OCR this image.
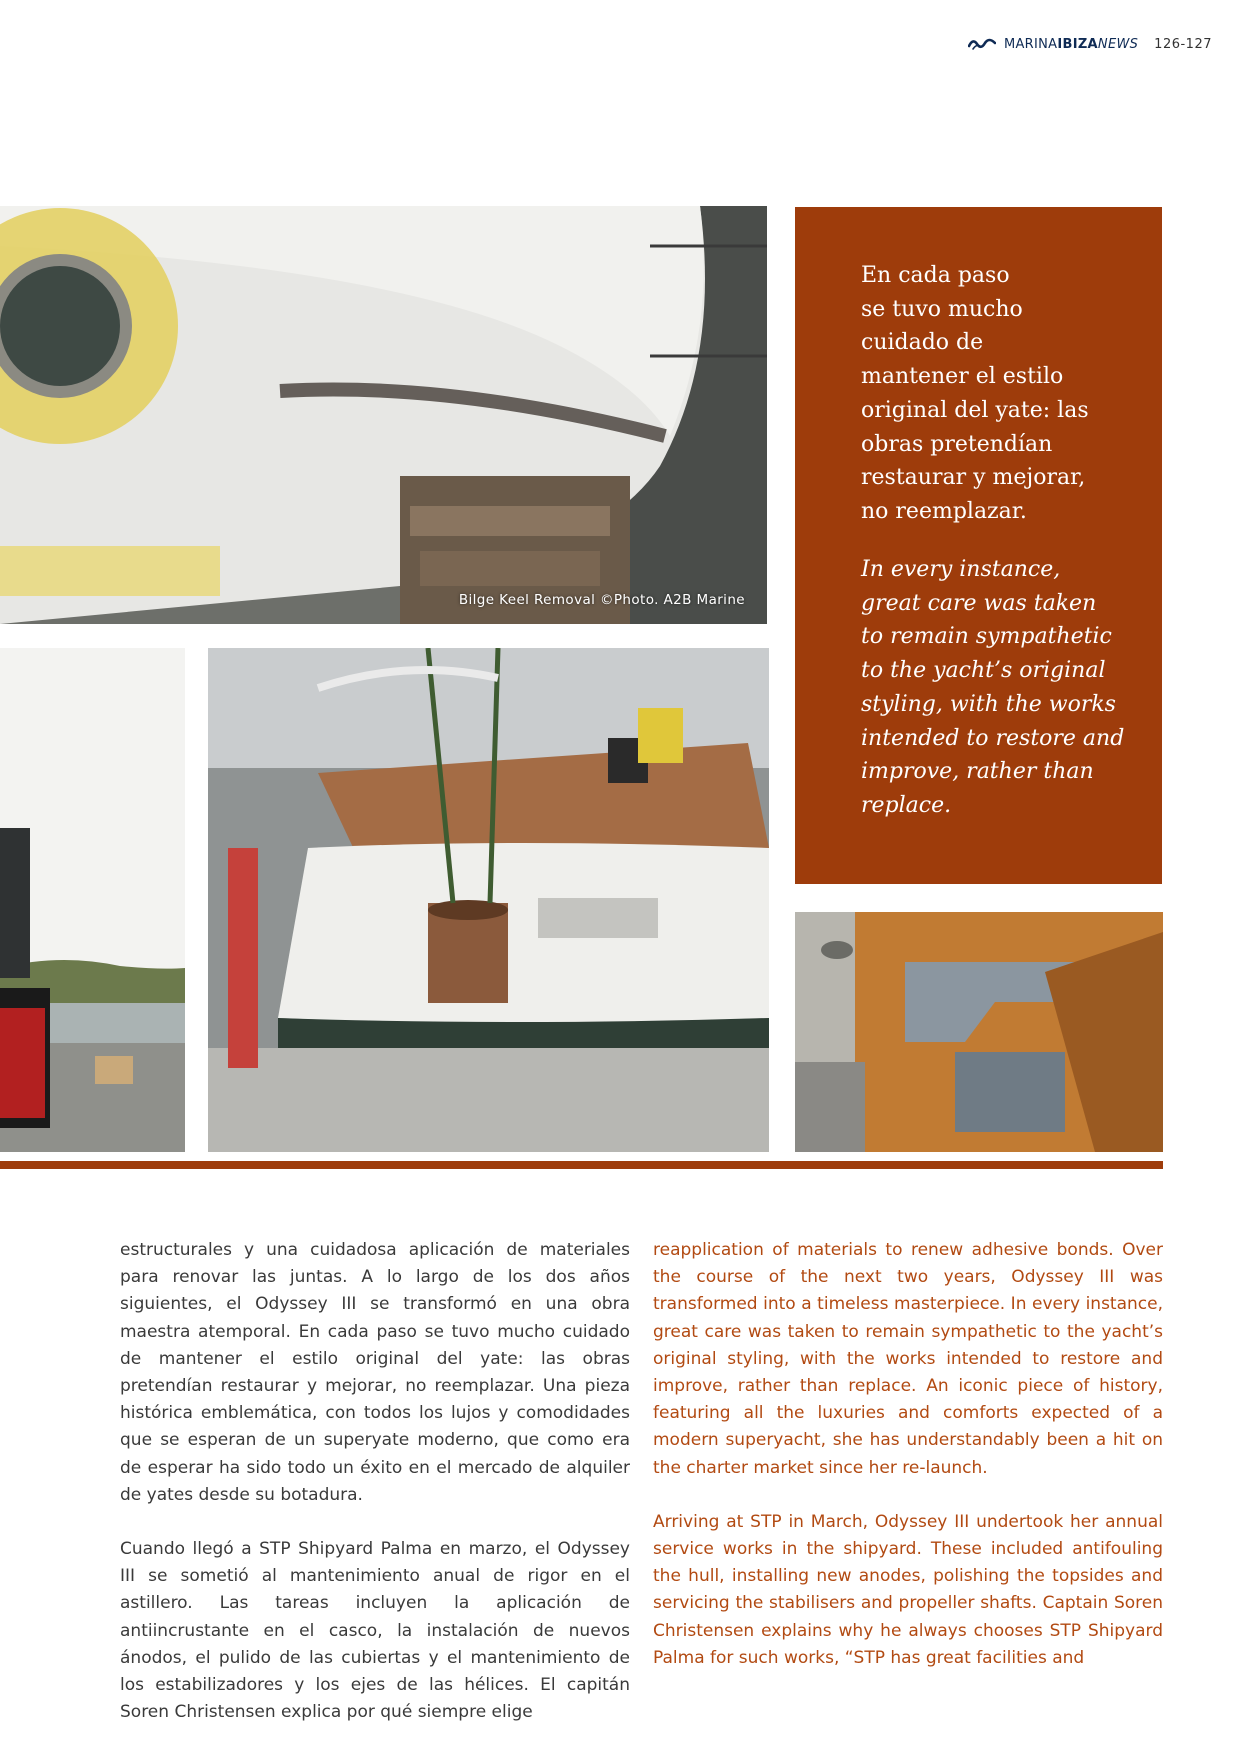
MARINAIBIZANEWS 126-127
Bilge Keel Removal ©Photo. A2B Marine

En cada paso
se tuvo mucho
cuidado de
mantener el estilo
original del yate: las
obras pretendían
restaurar y mejorar,
no reemplazar.

In every instance,
great care was taken
to remain sympathetic
to the yacht’s original
styling, with the works
intended to restore and
improve, rather than
replace.

estructurales y una cuidadosa aplicación de materiales para renovar las juntas. A lo largo de los dos años siguientes, el Odyssey III se transformó en una obra maestra atemporal. En cada paso se tuvo mucho cuidado de mantener el estilo original del yate: las obras pretendían restaurar y mejorar, no reemplazar. Una pieza histórica emblemática, con todos los lujos y comodidades que se esperan de un superyate moderno, que como era de esperar ha sido todo un éxito en el mercado de alquiler de yates desde su botadura.

Cuando llegó a STP Shipyard Palma en marzo, el Odyssey III se sometió al mantenimiento anual de rigor en el astillero. Las tareas incluyen la aplicación de antiincrustante en el casco, la instalación de nuevos ánodos, el pulido de las cubiertas y el mantenimiento de los estabilizadores y los ejes de las hélices. El capitán Soren Christensen explica por qué siempre elige

reapplication of materials to renew adhesive bonds. Over the course of the next two years, Odyssey III was transformed into a timeless masterpiece. In every instance, great care was taken to remain sympathetic to the yacht’s original styling, with the works intended to restore and improve, rather than replace. An iconic piece of history, featuring all the luxuries and comforts expected of a modern superyacht, she has understandably been a hit on the charter market since her re-launch.

Arriving at STP in March, Odyssey III undertook her annual service works in the shipyard. These included antifouling the hull, installing new anodes, polishing the topsides and servicing the stabilisers and propeller shafts. Captain Soren Christensen explains why he always chooses STP Shipyard Palma for such works, “STP has great facilities and
